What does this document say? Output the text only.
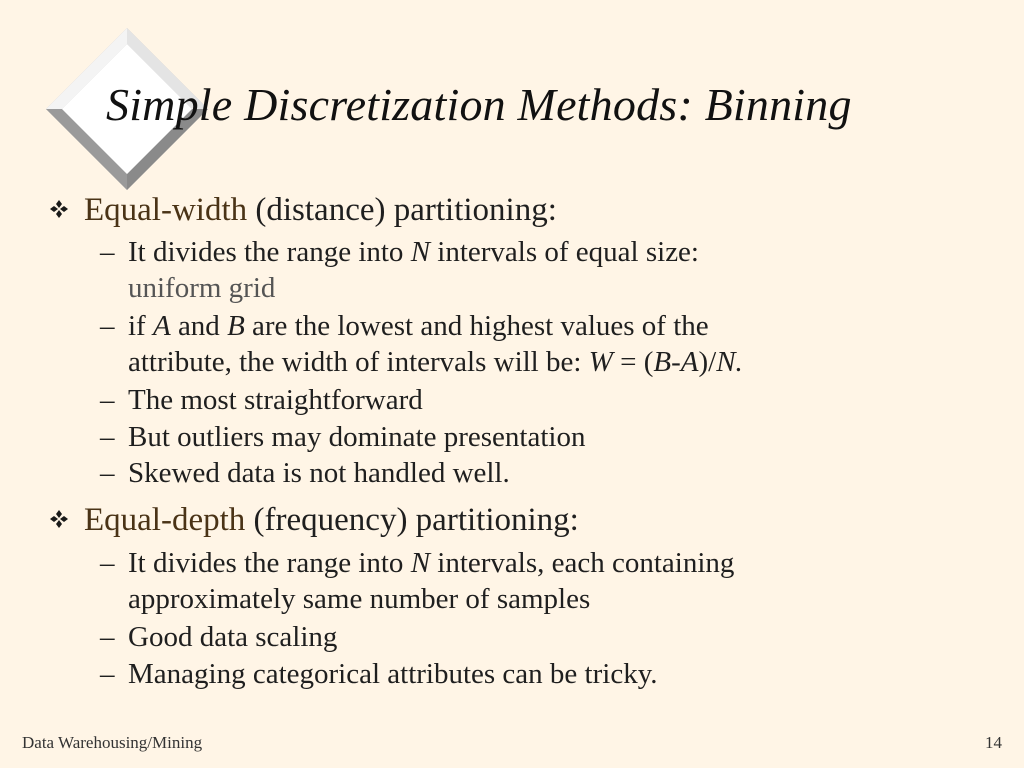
Simple Discretization Methods: Binning
Equal-width (distance) partitioning:
– It divides the range into N intervals of equal size:
uniform grid
– if A and B are the lowest and highest values of the
attribute, the width of intervals will be: W = (B-A)/N.
– The most straightforward
– But outliers may dominate presentation
– Skewed data is not handled well.
Equal-depth (frequency) partitioning:
– It divides the range into N intervals, each containing
approximately same number of samples
– Good data scaling
– Managing categorical attributes can be tricky.
Data Warehousing/Mining	14
